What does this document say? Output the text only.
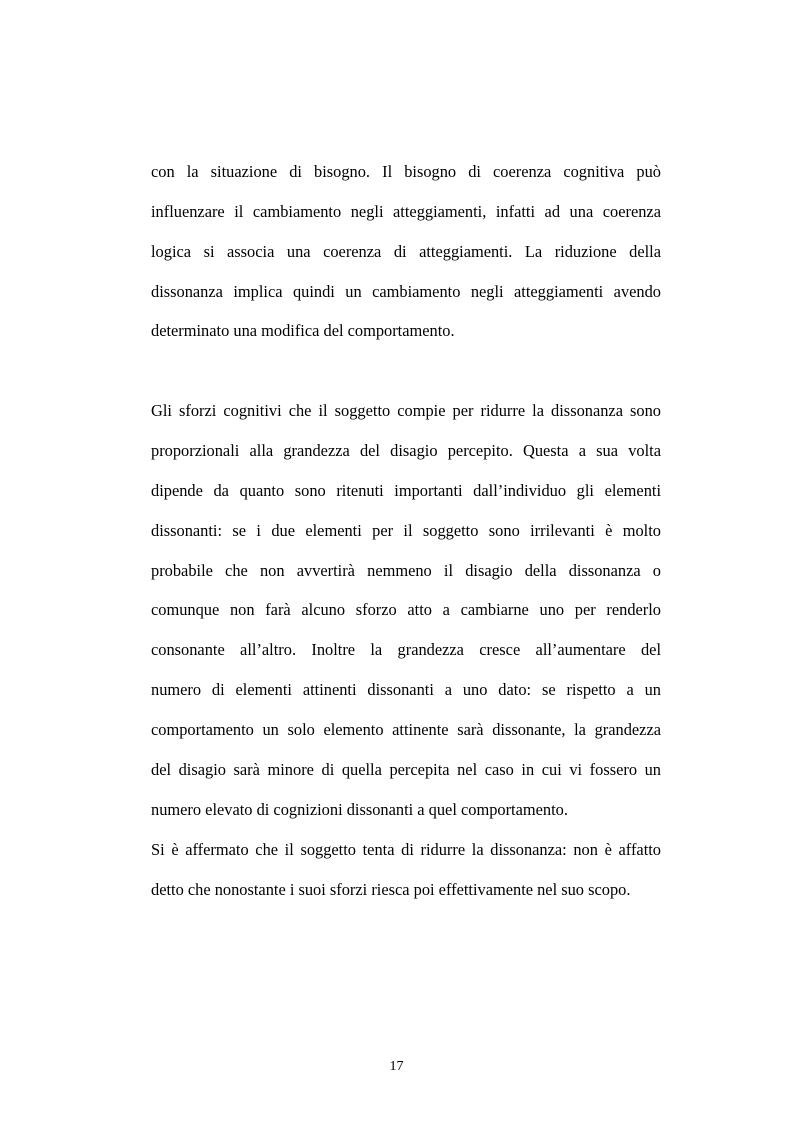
con la situazione di bisogno. Il bisogno di coerenza cognitiva può
influenzare il cambiamento negli atteggiamenti, infatti ad una coerenza
logica si associa una coerenza di atteggiamenti. La riduzione della
dissonanza implica quindi un cambiamento negli atteggiamenti avendo
determinato una modifica del comportamento.
Gli sforzi cognitivi che il soggetto compie per ridurre la dissonanza sono
proporzionali alla grandezza del disagio percepito. Questa a sua volta
dipende da quanto sono ritenuti importanti dall’individuo gli elementi
dissonanti: se i due elementi per il soggetto sono irrilevanti è molto
probabile che non avvertirà nemmeno il disagio della dissonanza o
comunque non farà alcuno sforzo atto a cambiarne uno per renderlo
consonante all’altro. Inoltre la grandezza cresce all’aumentare del
numero di elementi attinenti dissonanti a uno dato: se rispetto a un
comportamento un solo elemento attinente sarà dissonante, la grandezza
del disagio sarà minore di quella percepita nel caso in cui vi fossero un
numero elevato di cognizioni dissonanti a quel comportamento.
Si è affermato che il soggetto tenta di ridurre la dissonanza: non è affatto
detto che nonostante i suoi sforzi riesca poi effettivamente nel suo scopo.
17
